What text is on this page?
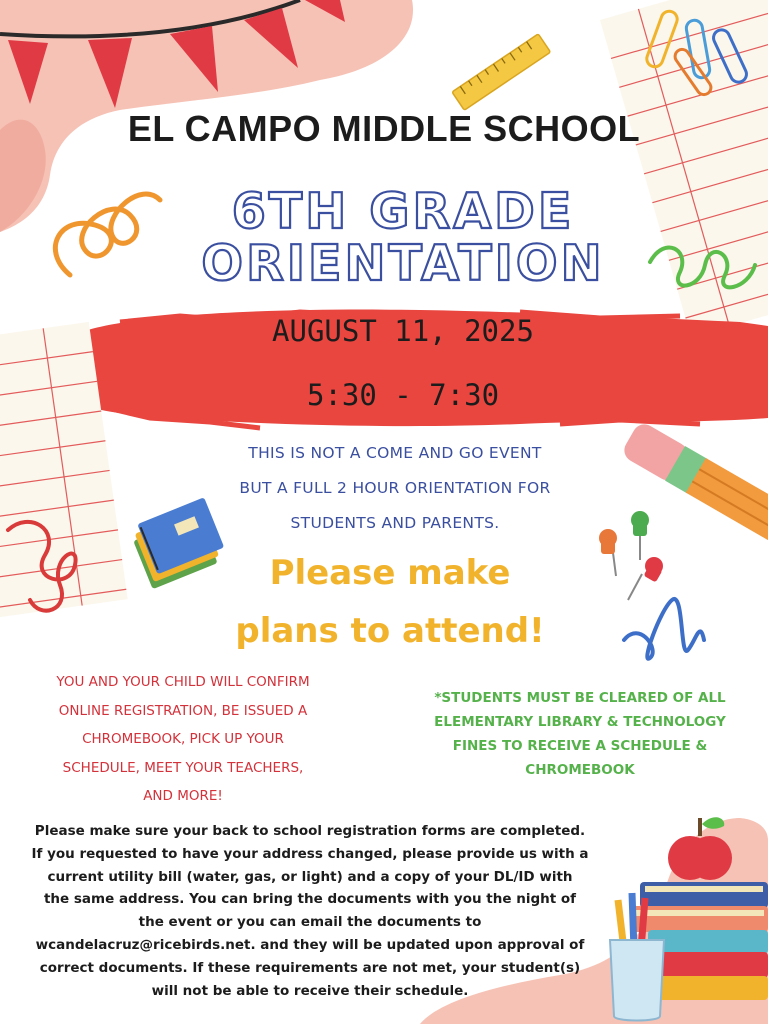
EL CAMPO MIDDLE SCHOOL
6TH GRADE
ORIENTATION
AUGUST 11, 2025
5:30 - 7:30
THIS IS NOT A COME AND GO EVENT
BUT A FULL 2 HOUR ORIENTATION FOR
STUDENTS AND PARENTS.
Please make
plans to attend!
YOU AND YOUR CHILD WILL CONFIRM
ONLINE REGISTRATION, BE ISSUED A
CHROMEBOOK, PICK UP YOUR
SCHEDULE, MEET YOUR TEACHERS,
AND MORE!
*STUDENTS MUST BE CLEARED OF ALL
ELEMENTARY LIBRARY & TECHNOLOGY
FINES TO RECEIVE A SCHEDULE &
CHROMEBOOK
Please make sure your back to school registration forms are completed.
If you requested to have your address changed, please provide us with a
current utility bill (water, gas, or light) and a copy of your DL/ID with
the same address. You can bring the documents with you the night of
the event or you can email the documents to
wcandelacruz@ricebirds.net. and they will be updated upon approval of
correct documents. If these requirements are not met, your student(s)
will not be able to receive their schedule.
